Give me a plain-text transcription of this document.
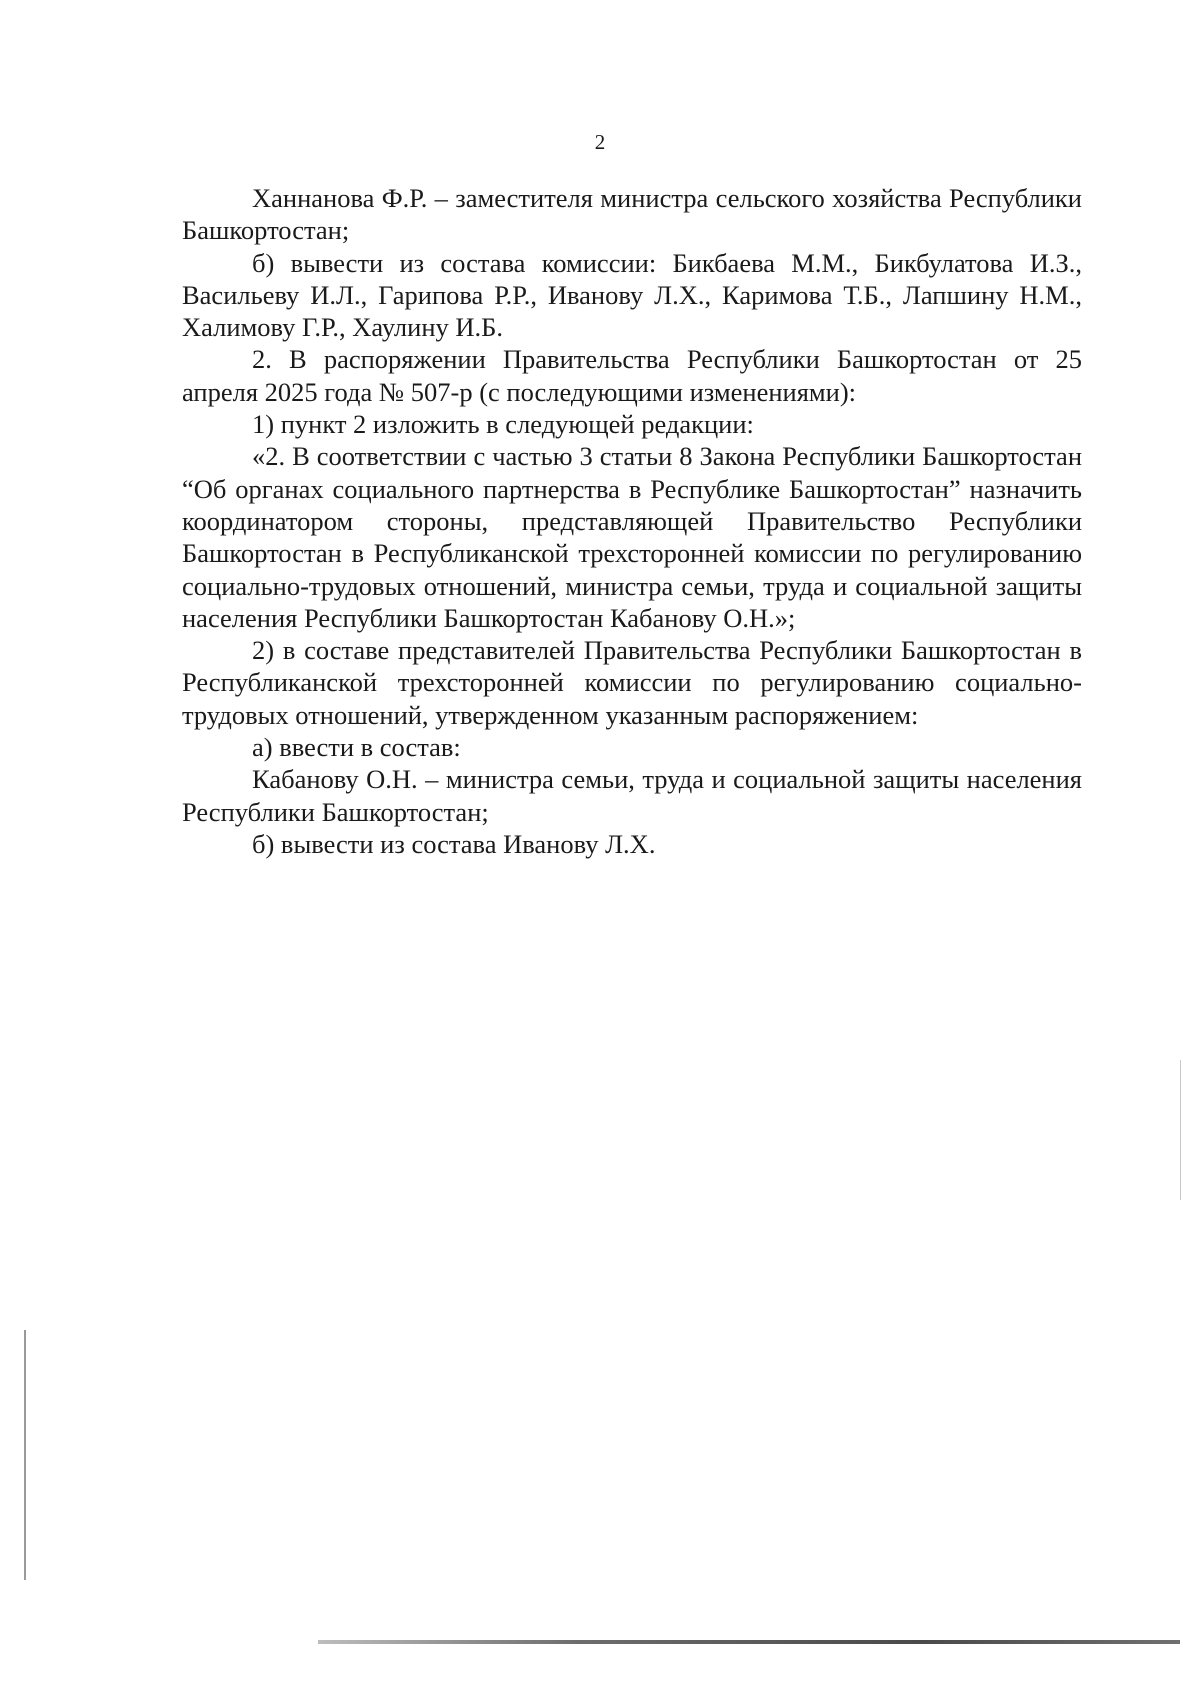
2

Ханнанова Ф.Р. – заместителя министра сельского хозяйства Республики Башкортостан;

б) вывести из состава комиссии: Бикбаева М.М., Бикбулатова И.З., Васильеву И.Л., Гарипова Р.Р., Иванову Л.Х., Каримова Т.Б., Лапшину Н.М., Халимову Г.Р., Хаулину И.Б.

2. В распоряжении Правительства Республики Башкортостан от 25 апреля 2025 года № 507-р (с последующими изменениями):

1) пункт 2 изложить в следующей редакции:

«2. В соответствии с частью 3 статьи 8 Закона Республики Башкортостан “Об органах социального партнерства в Республике Башкортостан” назначить координатором стороны, представляющей Правительство Республики Башкортостан в Республиканской трехсторонней комиссии по регулированию социально-трудовых отношений, министра семьи, труда и социальной защиты населения Республики Башкортостан Кабанову О.Н.»;

2) в составе представителей Правительства Республики Башкортостан в Республиканской трехсторонней комиссии по регулированию социально-трудовых отношений, утвержденном указанным распоряжением:

а) ввести в состав:

Кабанову О.Н. – министра семьи, труда и социальной защиты населения Республики Башкортостан;

б) вывести из состава Иванову Л.Х.
